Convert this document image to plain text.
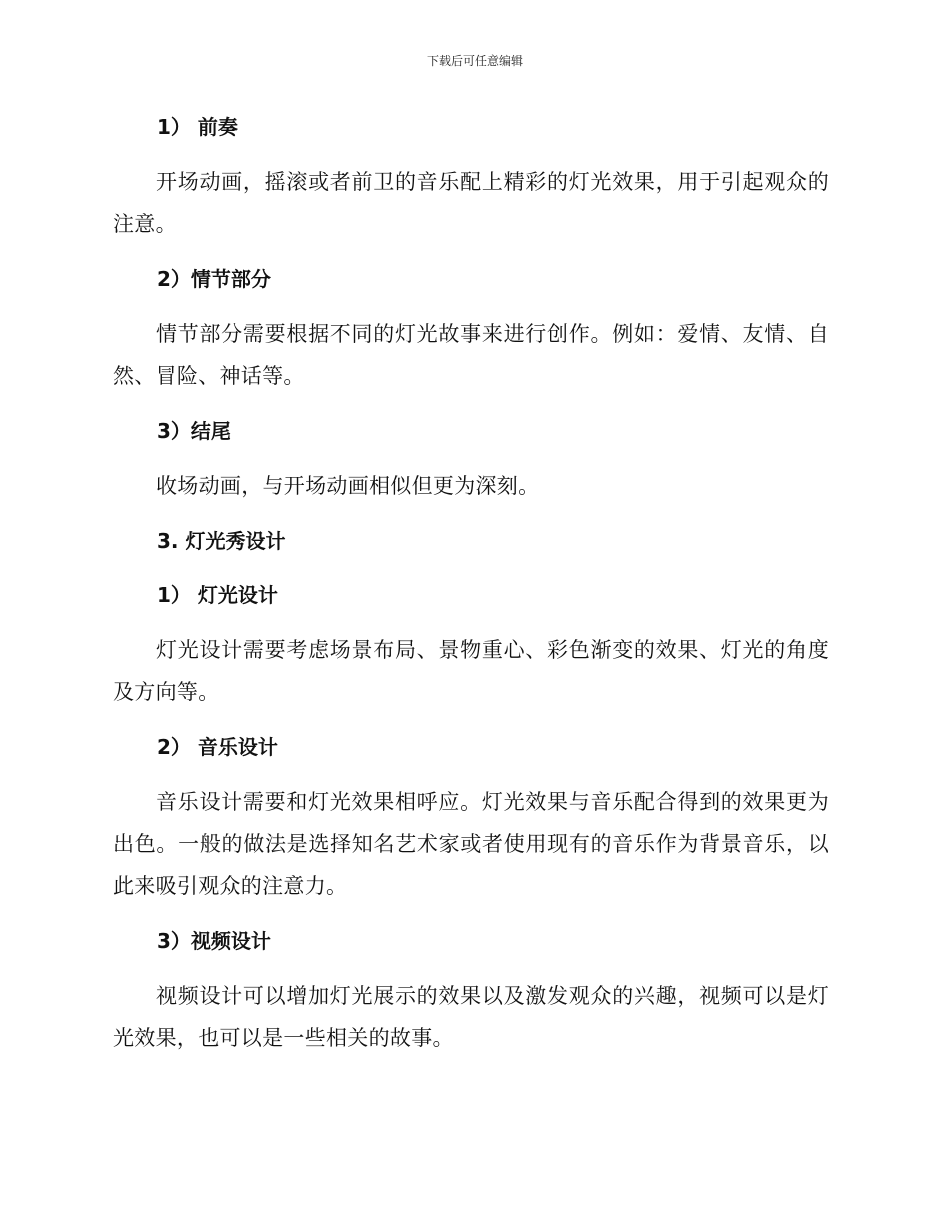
下载后可任意编辑
1） 前奏

开场动画，摇滚或者前卫的音乐配上精彩的灯光效果，用于引起观众的注意。

2）情节部分

情节部分需要根据不同的灯光故事来进行创作。例如：爱情、友情、自然、冒险、神话等。

3）结尾

收场动画，与开场动画相似但更为深刻。

3. 灯光秀设计
1） 灯光设计

灯光设计需要考虑场景布局、景物重心、彩色渐变的效果、灯光的角度及方向等。

2） 音乐设计

音乐设计需要和灯光效果相呼应。灯光效果与音乐配合得到的效果更为出色。一般的做法是选择知名艺术家或者使用现有的音乐作为背景音乐，以此来吸引观众的注意力。

3）视频设计

视频设计可以增加灯光展示的效果以及激发观众的兴趣，视频可以是灯光效果，也可以是一些相关的故事。
